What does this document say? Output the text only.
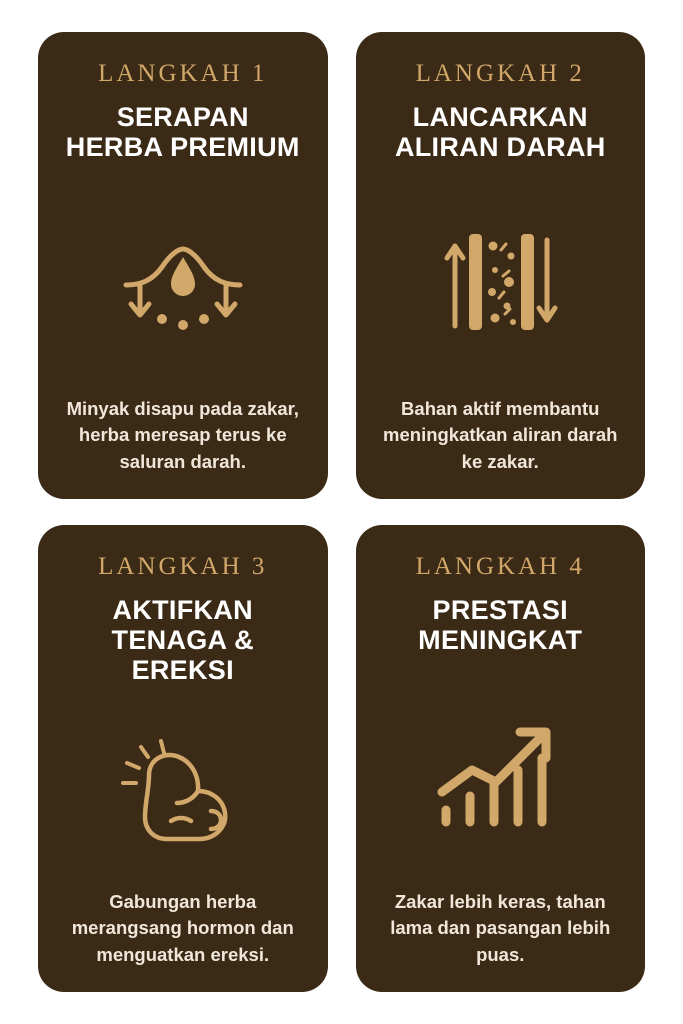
LANGKAH 1
SERAPAN
HERBA PREMIUM
Minyak disapu pada zakar, herba meresap terus ke saluran darah.
LANGKAH 2
LANCARKAN
ALIRAN DARAH
Bahan aktif membantu meningkatkan aliran darah ke zakar.
LANGKAH 3
AKTIFKAN
TENAGA & EREKSI
Gabungan herba merangsang hormon dan menguatkan ereksi.
LANGKAH 4
PRESTASI
MENINGKAT
Zakar lebih keras, tahan lama dan pasangan lebih puas.
